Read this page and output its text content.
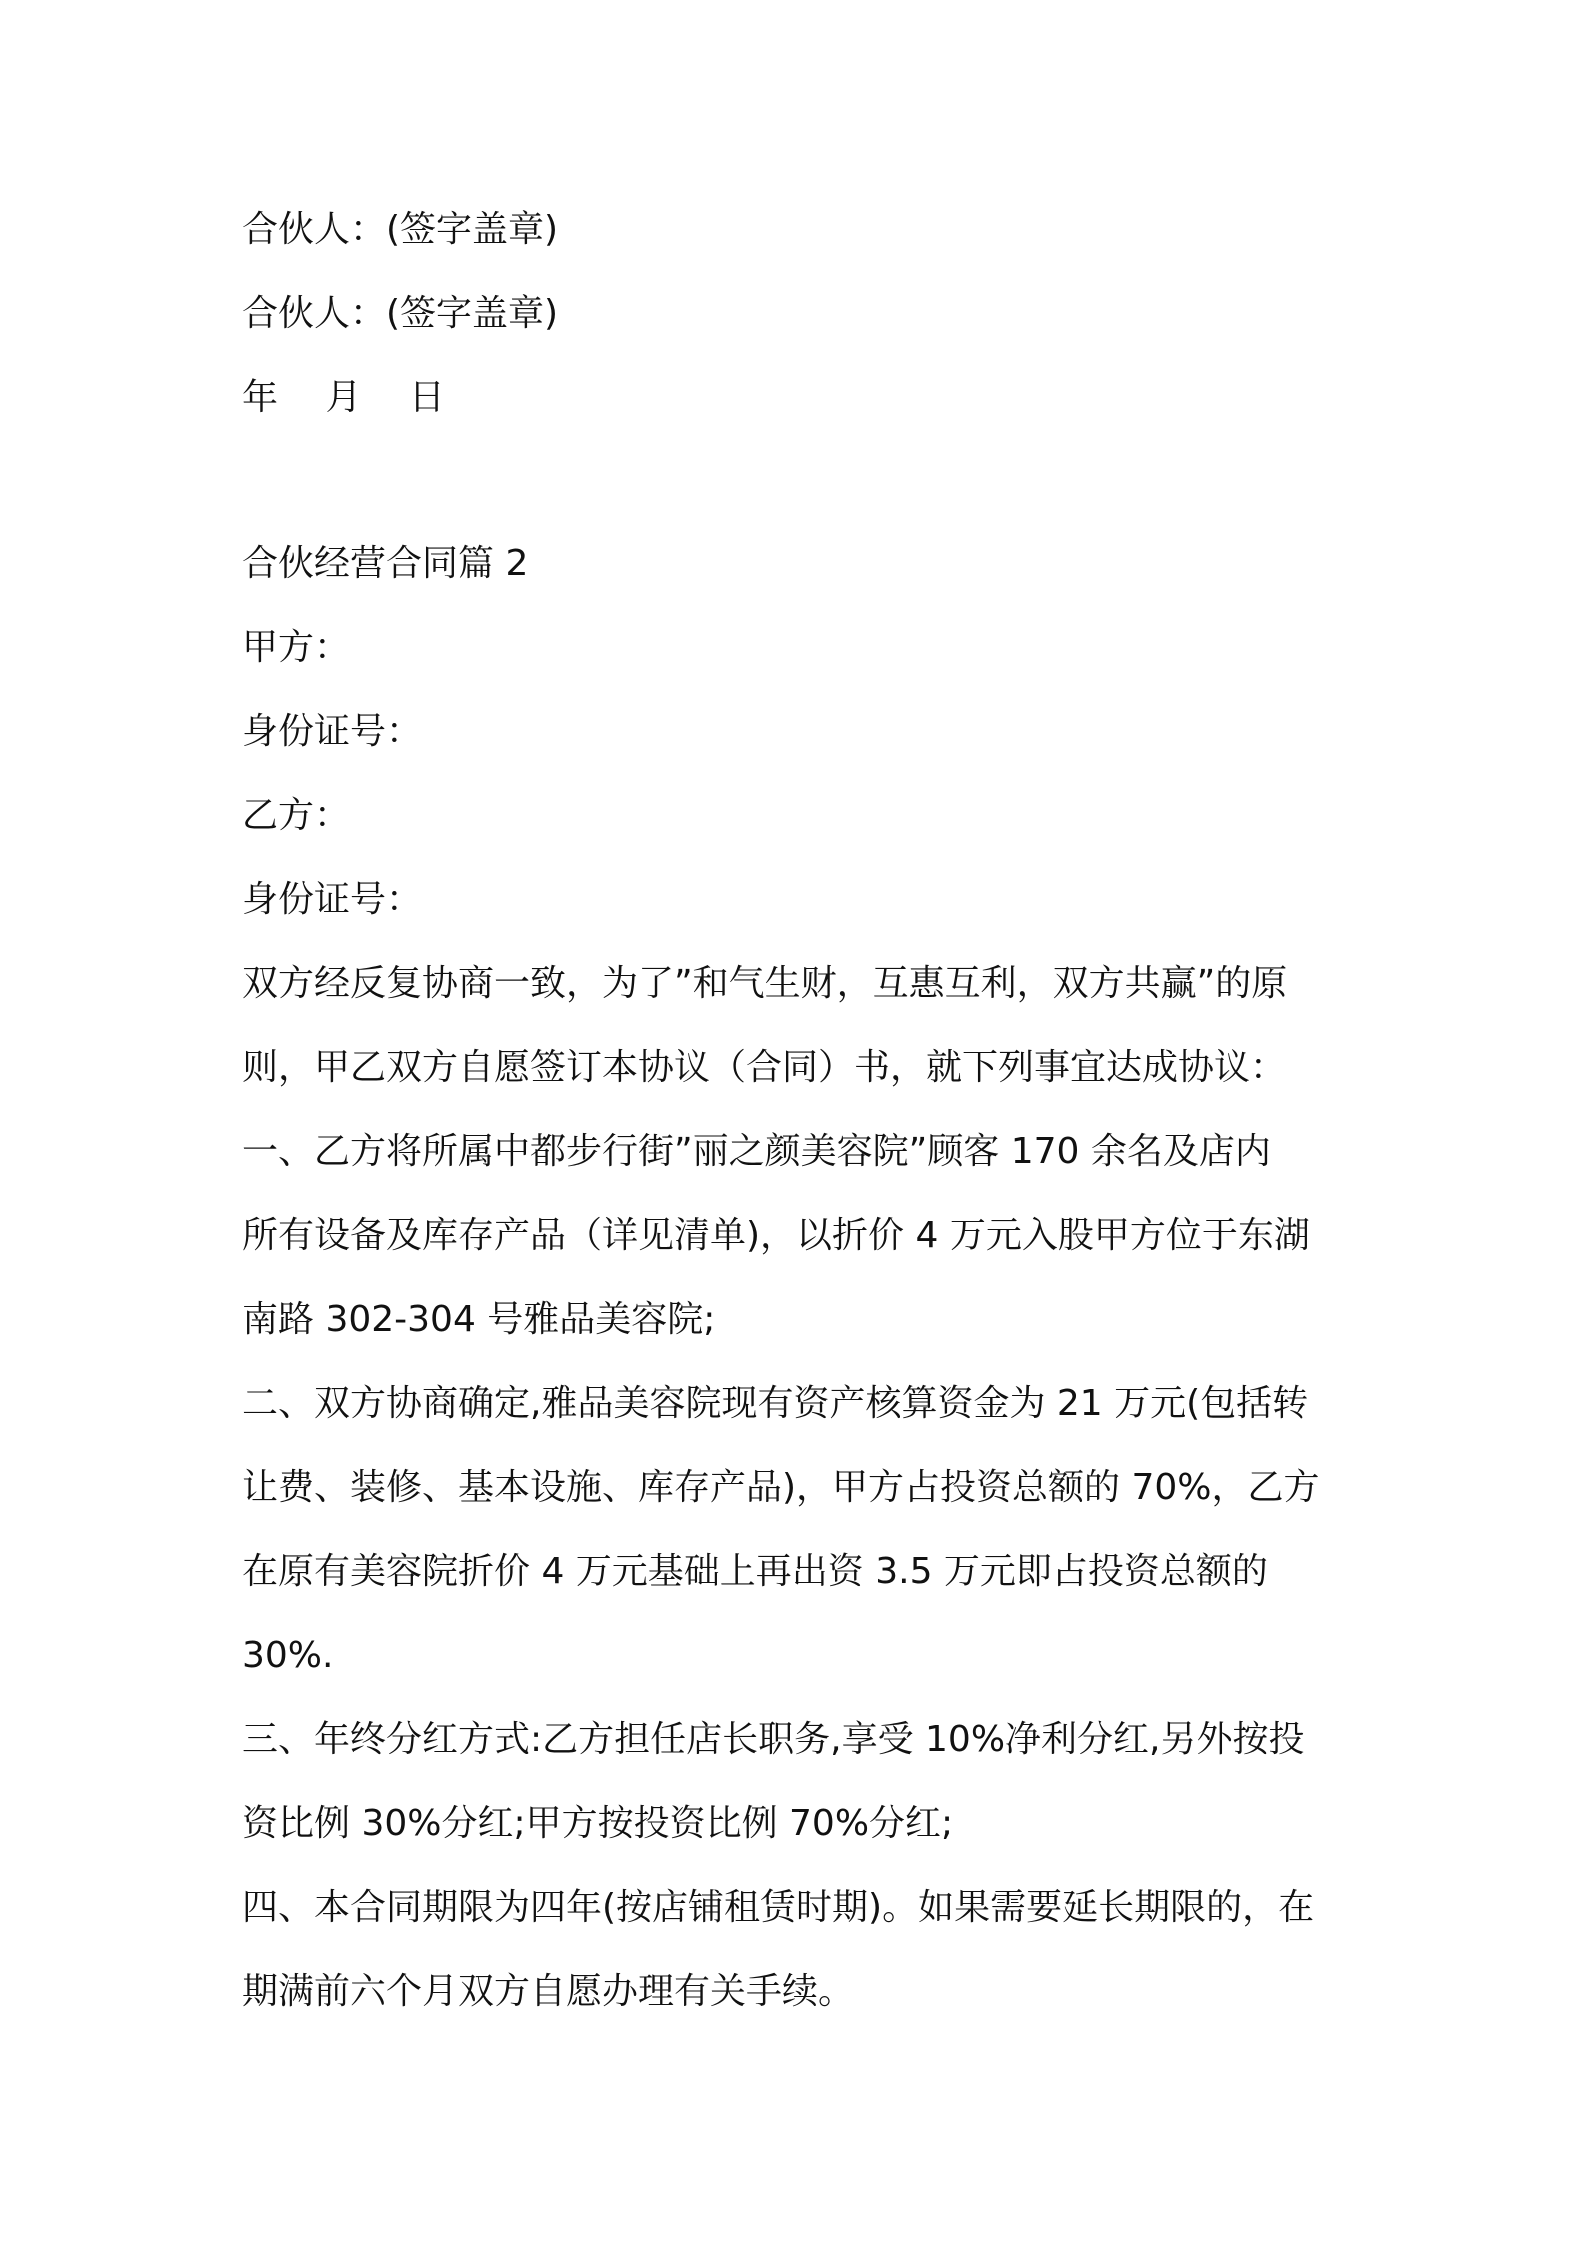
合伙人：(签字盖章)

合伙人：(签字盖章)

年　 月　 日

合伙经营合同篇 2

甲方：

身份证号：

乙方：

身份证号：

双方经反复协商一致，为了”和气生财，互惠互利，双方共赢”的原

则，甲乙双方自愿签订本协议（合同）书，就下列事宜达成协议：

一、乙方将所属中都步行街”丽之颜美容院”顾客 170 余名及店内

所有设备及库存产品（详见清单)，以折价 4 万元入股甲方位于东湖

南路 302-304 号雅品美容院;

二、双方协商确定,雅品美容院现有资产核算资金为 21 万元(包括转

让费、装修、基本设施、库存产品)，甲方占投资总额的 70%，乙方

在原有美容院折价 4 万元基础上再出资 3.5 万元即占投资总额的

30%.

三、年终分红方式:乙方担任店长职务,享受 10%净利分红,另外按投

资比例 30%分红;甲方按投资比例 70%分红;

四、本合同期限为四年(按店铺租赁时期)。如果需要延长期限的，在

期满前六个月双方自愿办理有关手续。
